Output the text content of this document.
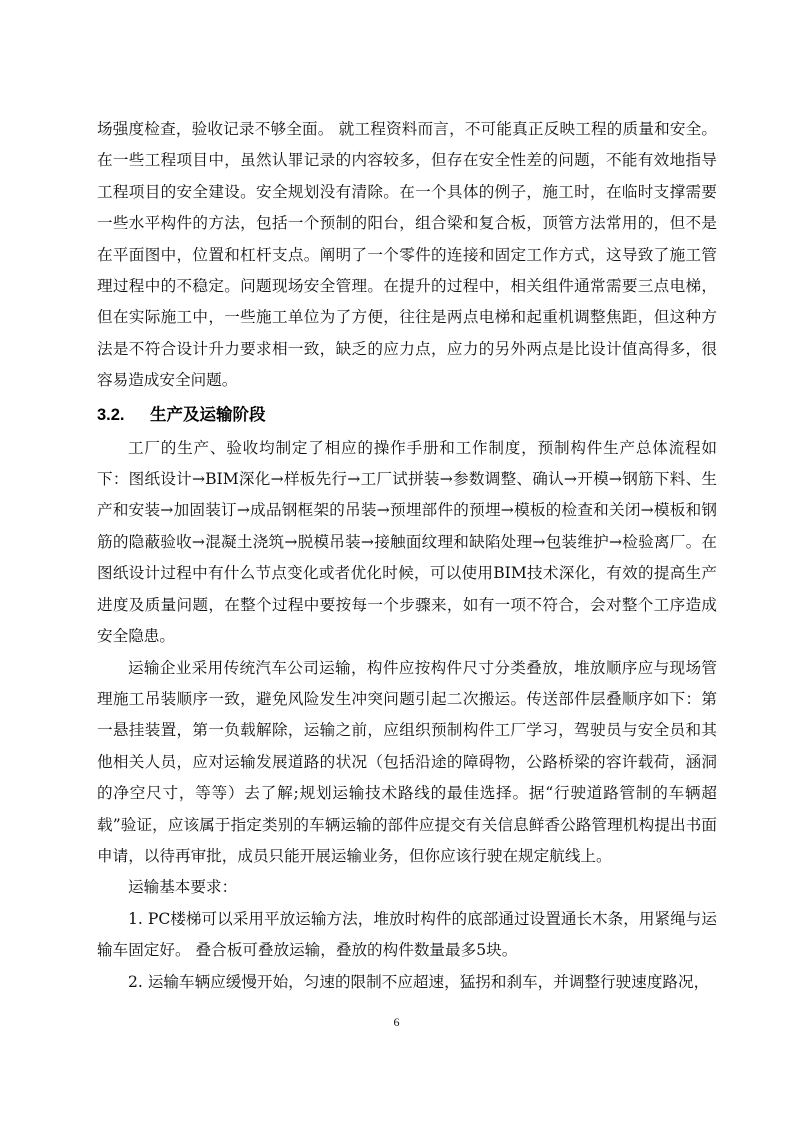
场强度检查，验收记录不够全面。 就工程资料而言，不可能真正反映工程的质量和安全。在一些工程项目中，虽然认罪记录的内容较多，但存在安全性差的问题，不能有效地指导工程项目的安全建设。安全规划没有清除。在一个具体的例子，施工时，在临时支撑需要一些水平构件的方法，包括一个预制的阳台，组合梁和复合板，顶管方法常用的，但不是在平面图中，位置和杠杆支点。阐明了一个零件的连接和固定工作方式，这导致了施工管理过程中的不稳定。问题现场安全管理。在提升的过程中，相关组件通常需要三点电梯，但在实际施工中，一些施工单位为了方便，往往是两点电梯和起重机调整焦距，但这种方法是不符合设计升力要求相一致，缺乏的应力点，应力的另外两点是比设计值高得多，很容易造成安全问题。

3.2. 生产及运输阶段

工厂的生产、验收均制定了相应的操作手册和工作制度，预制构件生产总体流程如下：图纸设计→BIM深化→样板先行→工厂试拼装→参数调整、确认→开模→钢筋下料、生产和安装→加固装订→成品钢框架的吊装→预埋部件的预埋→模板的检查和关闭→模板和钢筋的隐蔽验收→混凝土浇筑→脱模吊装→接触面纹理和缺陷处理→包装维护→检验离厂。在图纸设计过程中有什么节点变化或者优化时候，可以使用BIM技术深化，有效的提高生产进度及质量问题，在整个过程中要按每一个步骤来，如有一项不符合，会对整个工序造成安全隐患。

运输企业采用传统汽车公司运输，构件应按构件尺寸分类叠放，堆放顺序应与现场管理施工吊装顺序一致，避免风险发生冲突问题引起二次搬运。传送部件层叠顺序如下：第一悬挂装置，第一负载解除，运输之前，应组织预制构件工厂学习，驾驶员与安全员和其他相关人员，应对运输发展道路的状况（包括沿途的障碍物，公路桥梁的容许载荷，涵洞的净空尺寸，等等）去了解;规划运输技术路线的最佳选择。据“行驶道路管制的车辆超载”验证，应该属于指定类别的车辆运输的部件应提交有关信息鲜香公路管理机构提出书面申请，以待再审批，成员只能开展运输业务，但你应该行驶在规定航线上。

运输基本要求：

1. PC楼梯可以采用平放运输方法，堆放时构件的底部通过设置通长木条，用紧绳与运输车固定好。 叠合板可叠放运输，叠放的构件数量最多5块。

2. 运输车辆应缓慢开始，匀速的限制不应超速，猛拐和刹车，并调整行驶速度路况，

6
